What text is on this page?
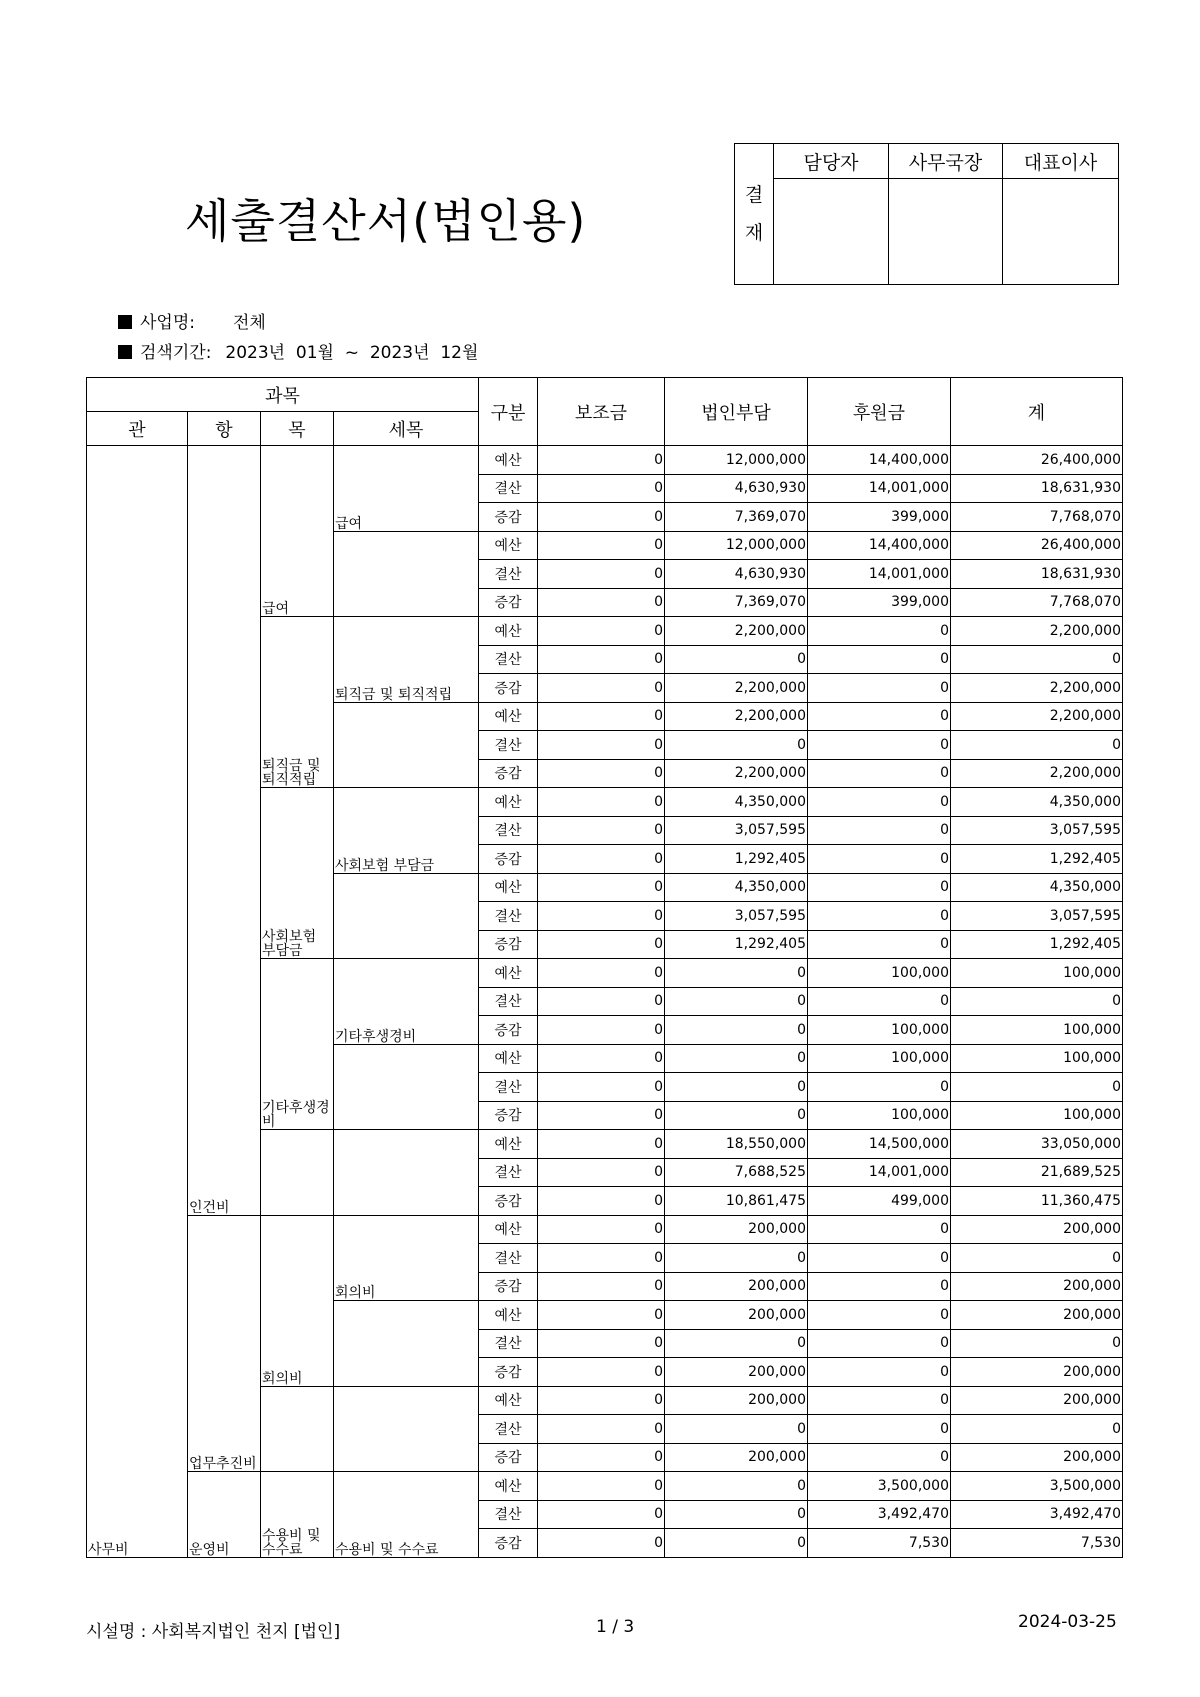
세출결산서(법인용)	결
재	담당자	사무국장	대표이사

사업명: 전체
검색기간: 2023년  01월  ~  2023년  12월
과목				구분	보조금	법인부담	후원금	계
관	항	목	세목					
사무비	인건비	급여	급여	예산	0	12,000,000	14,400,000	26,400,000
				결산	0	4,630,930	14,001,000	18,631,930
				증감	0	7,369,070	399,000	7,768,070
				예산	0	12,000,000	14,400,000	26,400,000
				결산	0	4,630,930	14,001,000	18,631,930
				증감	0	7,369,070	399,000	7,768,070
		퇴직금 및 퇴직적립	퇴직금 및 퇴직적립	예산	0	2,200,000	0	2,200,000
				결산	0	0	0	0
				증감	0	2,200,000	0	2,200,000
				예산	0	2,200,000	0	2,200,000
				결산	0	0	0	0
				증감	0	2,200,000	0	2,200,000
		사회보험 부담금	사회보험 부담금	예산	0	4,350,000	0	4,350,000
				결산	0	3,057,595	0	3,057,595
				증감	0	1,292,405	0	1,292,405
				예산	0	4,350,000	0	4,350,000
				결산	0	3,057,595	0	3,057,595
				증감	0	1,292,405	0	1,292,405
		기타후생경비	기타후생경비	예산	0	0	100,000	100,000
				결산	0	0	0	0
				증감	0	0	100,000	100,000
				예산	0	0	100,000	100,000
				결산	0	0	0	0
				증감	0	0	100,000	100,000
				예산	0	18,550,000	14,500,000	33,050,000
				결산	0	7,688,525	14,001,000	21,689,525
				증감	0	10,861,475	499,000	11,360,475
	업무추진비	회의비	회의비	예산	0	200,000	0	200,000
				결산	0	0	0	0
				증감	0	200,000	0	200,000
				예산	0	200,000	0	200,000
				결산	0	0	0	0
				증감	0	200,000	0	200,000
				예산	0	200,000	0	200,000
				결산	0	0	0	0
				증감	0	200,000	0	200,000
	운영비	수용비 및 수수료	수용비 및 수수료	예산	0	0	3,500,000	3,500,000
				결산	0	0	3,492,470	3,492,470
				증감	0	0	7,530	7,530
시설명 : 사회복지법인 천지 [법인]	1 / 3	2024-03-25
